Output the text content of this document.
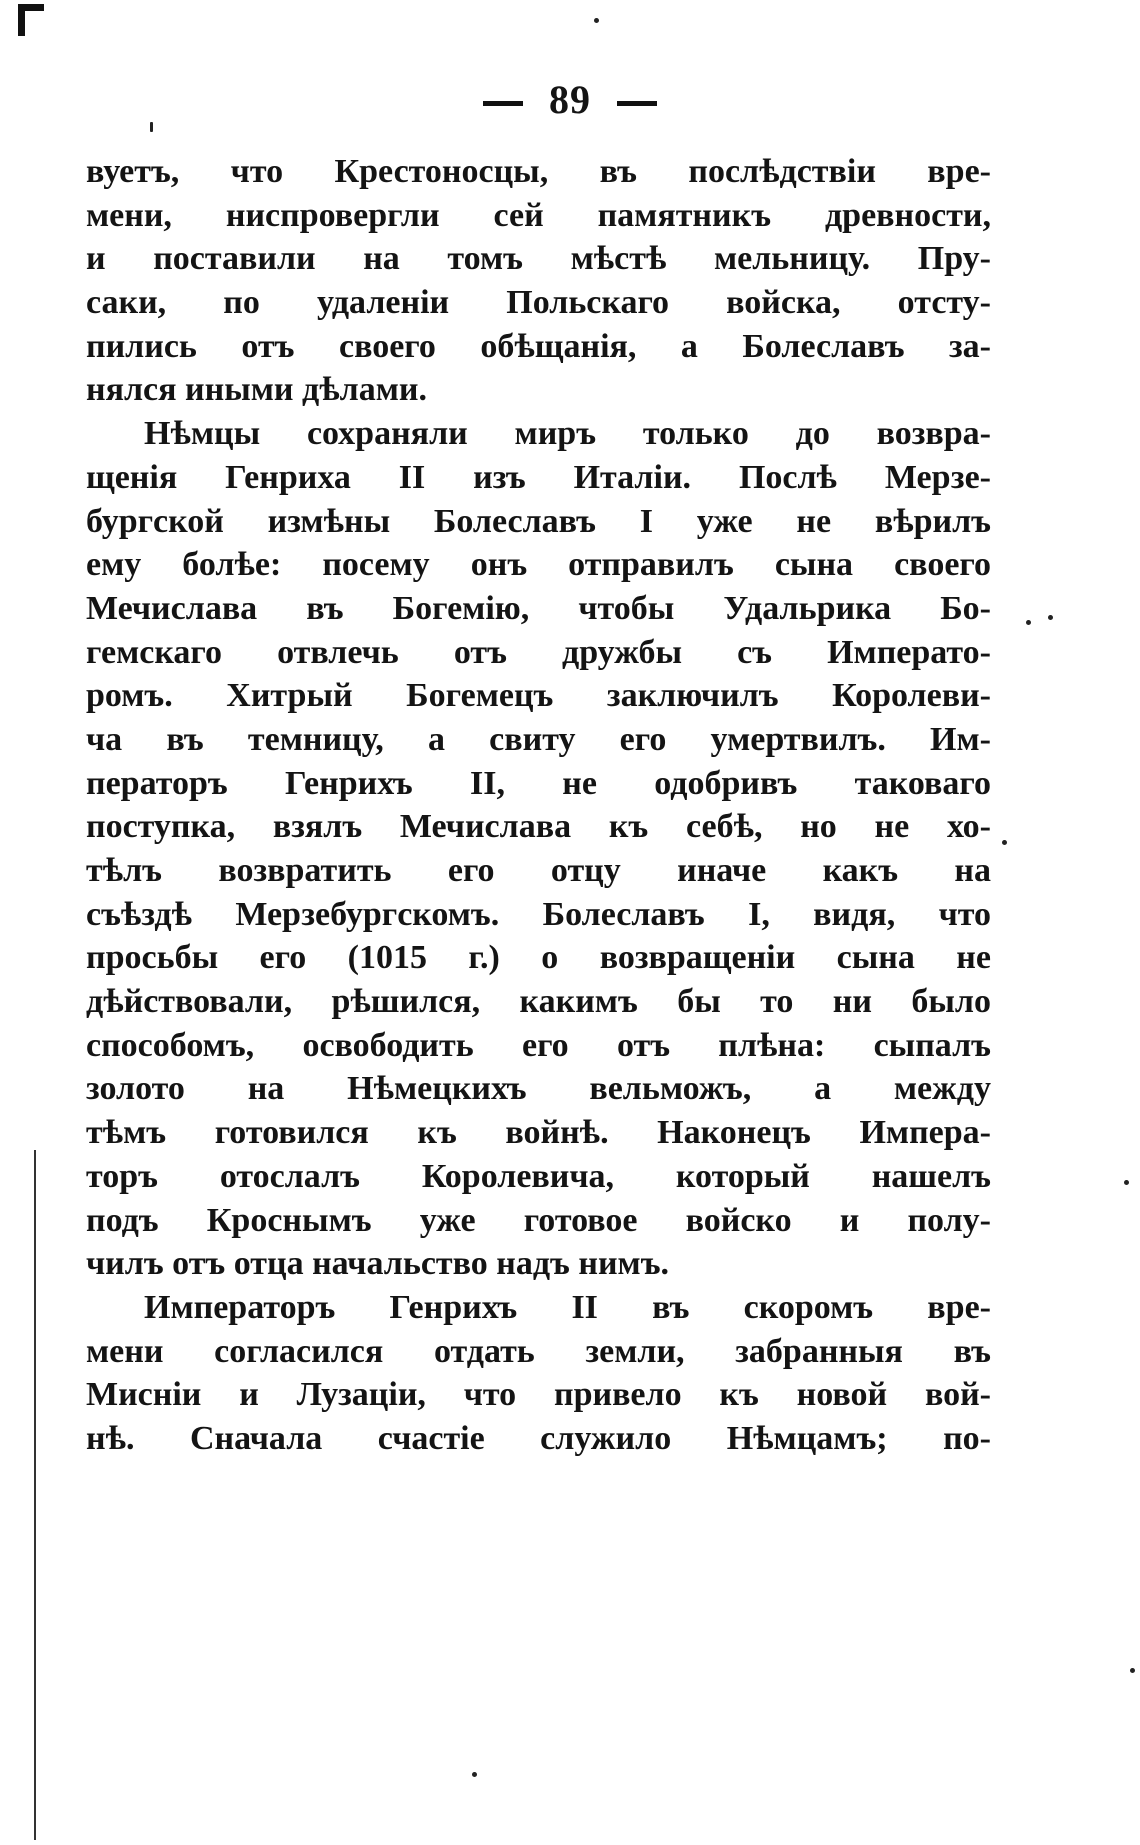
89
вуетъ, что Крестоносцы, въ послѣдствіи вре-
мени, ниспровергли сей памятникъ древности,
и поставили на томъ мѣстѣ мельницу. Пру-
саки, по удаленіи Польскаго войска, отсту-
пились отъ своего обѣщанія, а Болеславъ за-
нялся иными дѣлами.
Нѣмцы сохраняли миръ только до возвра-
щенія Генриха II изъ Италіи. Послѣ Мерзе-
бургской измѣны Болеславъ I уже не вѣрилъ
ему болѣе: посему онъ отправилъ сына своего
Мечислава въ Богемію, чтобы Удальрика Бо-
гемскаго отвлечь отъ дружбы съ Императо-
ромъ. Хитрый Богемецъ заключилъ Королеви-
ча въ темницу, а свиту его умертвилъ. Им-
ператоръ Генрихъ II, не одобривъ таковаго
поступка, взялъ Мечислава къ себѣ, но не хо-
тѣлъ возвратить его отцу иначе какъ на
съѣздѣ Мерзебургскомъ. Болеславъ I, видя, что
просьбы его (1015 г.) о возвращеніи сына не
дѣйствовали, рѣшился, какимъ бы то ни было
способомъ, освободить его отъ плѣна: сыпалъ
золото на Нѣмецкихъ вельможъ, а между
тѣмъ готовился къ войнѣ. Наконецъ Импера-
торъ отослалъ Королевича, который нашелъ
подъ Кроснымъ уже готовое войско и полу-
чилъ отъ отца начальство надъ нимъ.
Императоръ Генрихъ II въ скоромъ вре-
мени согласился отдать земли, забранныя въ
Мисніи и Лузаціи, что привело къ новой вой-
нѣ. Сначала счастіе служило Нѣмцамъ; по-
